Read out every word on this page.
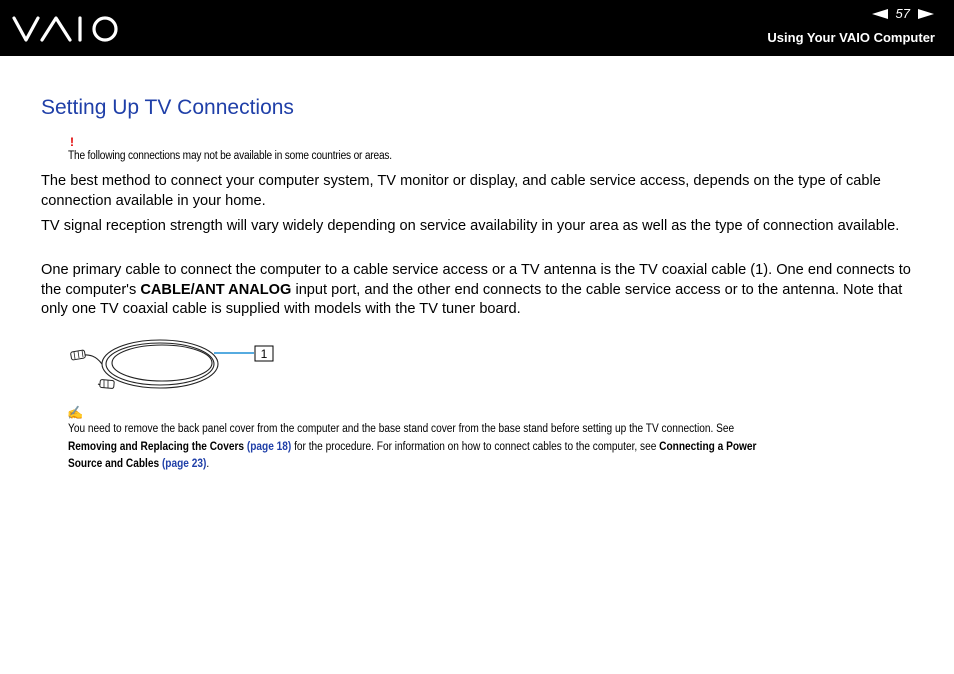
57
Using Your VAIO Computer
Setting Up TV Connections
!
The following connections may not be available in some countries or areas.

The best method to connect your computer system, TV monitor or display, and cable service access, depends on the type of cable connection available in your home.

TV signal reception strength will vary widely depending on service availability in your area as well as the type of connection available.

One primary cable to connect the computer to a cable service access or a TV antenna is the TV coaxial cable (1). One end connects to the computer's CABLE/ANT ANALOG input port, and the other end connects to the cable service access or to the antenna. Note that only one TV coaxial cable is supplied with models with the TV tuner board.

1
✍
You need to remove the back panel cover from the computer and the base stand cover from the base stand before setting up the TV connection. See
Removing and Replacing the Covers (page 18) for the procedure. For information on how to connect cables to the computer, see Connecting a Power
Source and Cables (page 23).
